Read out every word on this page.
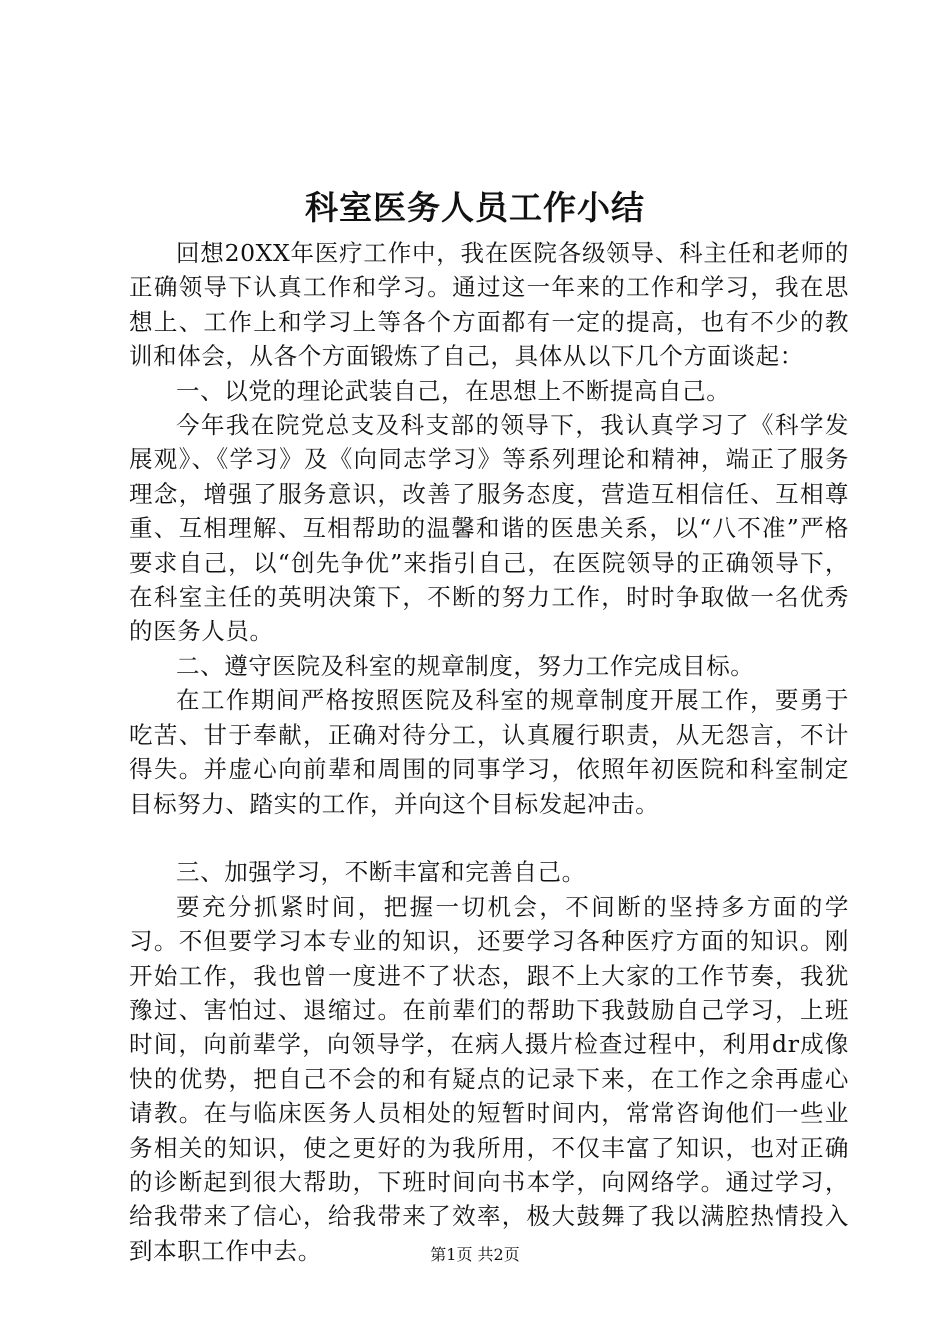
科室医务人员工作小结

回想20XX年医疗工作中，我在医院各级领导、科主任和老师的正确领导下认真工作和学习。通过这一年来的工作和学习，我在思想上、工作上和学习上等各个方面都有一定的提高，也有不少的教训和体会，从各个方面锻炼了自己，具体从以下几个方面谈起：

一、以党的理论武装自己，在思想上不断提高自己。

今年我在院党总支及科支部的领导下，我认真学习了《科学发展观》、《学习》及《向同志学习》等系列理论和精神，端正了服务理念，增强了服务意识，改善了服务态度，营造互相信任、互相尊重、互相理解、互相帮助的温馨和谐的医患关系，以“八不准”严格要求自己，以“创先争优”来指引自己，在医院领导的正确领导下，在科室主任的英明决策下，不断的努力工作，时时争取做一名优秀的医务人员。

二、遵守医院及科室的规章制度，努力工作完成目标。

在工作期间严格按照医院及科室的规章制度开展工作，要勇于吃苦、甘于奉献，正确对待分工，认真履行职责，从无怨言，不计得失。并虚心向前辈和周围的同事学习，依照年初医院和科室制定目标努力、踏实的工作，并向这个目标发起冲击。

三、加强学习，不断丰富和完善自己。

要充分抓紧时间，把握一切机会，不间断的坚持多方面的学习。不但要学习本专业的知识，还要学习各种医疗方面的知识。刚开始工作，我也曾一度进不了状态，跟不上大家的工作节奏，我犹豫过、害怕过、退缩过。在前辈们的帮助下我鼓励自己学习，上班时间，向前辈学，向领导学，在病人摄片检查过程中，利用dr成像快的优势，把自己不会的和有疑点的记录下来，在工作之余再虚心请教。在与临床医务人员相处的短暂时间内，常常咨询他们一些业务相关的知识，使之更好的为我所用，不仅丰富了知识，也对正确的诊断起到很大帮助，下班时间向书本学，向网络学。通过学习，给我带来了信心，给我带来了效率，极大鼓舞了我以满腔热情投入到本职工作中去。	第1页 共2页
